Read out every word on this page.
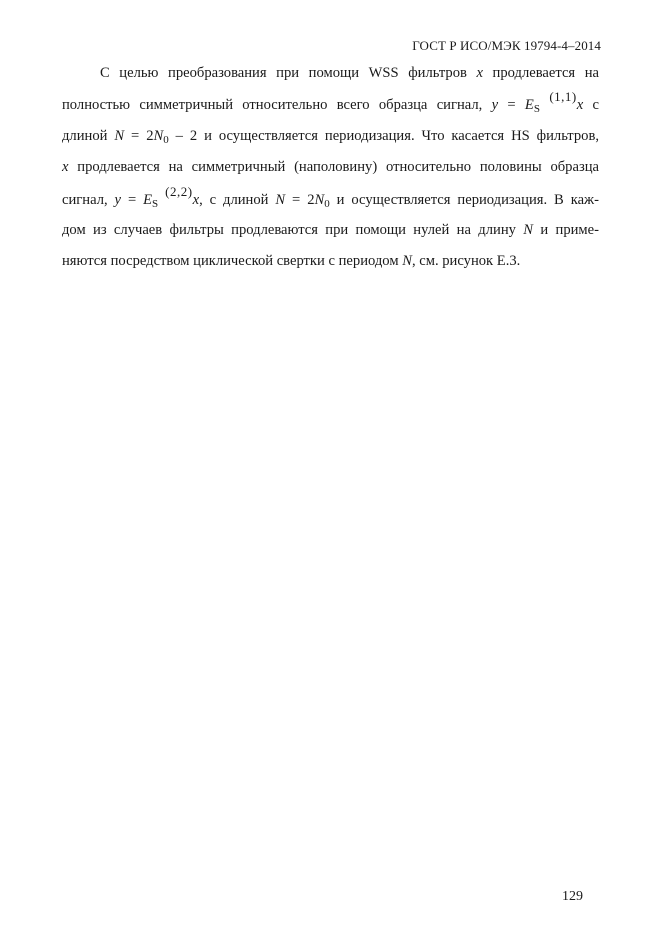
ГОСТ Р ИСО/МЭК 19794-4–2014
С целью преобразования при помощи WSS фильтров x продлевается на
полностью симметричный относительно всего образца сигнал, $y = E_S$ (1,1)x с
длиной $N = 2N_0 - 2$ и осуществляется периодизация. Что касается HS фильтров,
x продлевается на симметричный (наполовину) относительно половины образца
сигнал, $y = E_S$ (2,2)x, с длиной $N = 2N_0$ и осуществляется периодизация. В каж-
дом из случаев фильтры продлеваются при помощи нулей на длину N и приме-
няются посредством циклической свертки с периодом N, см. рисунок Е.3.
129
